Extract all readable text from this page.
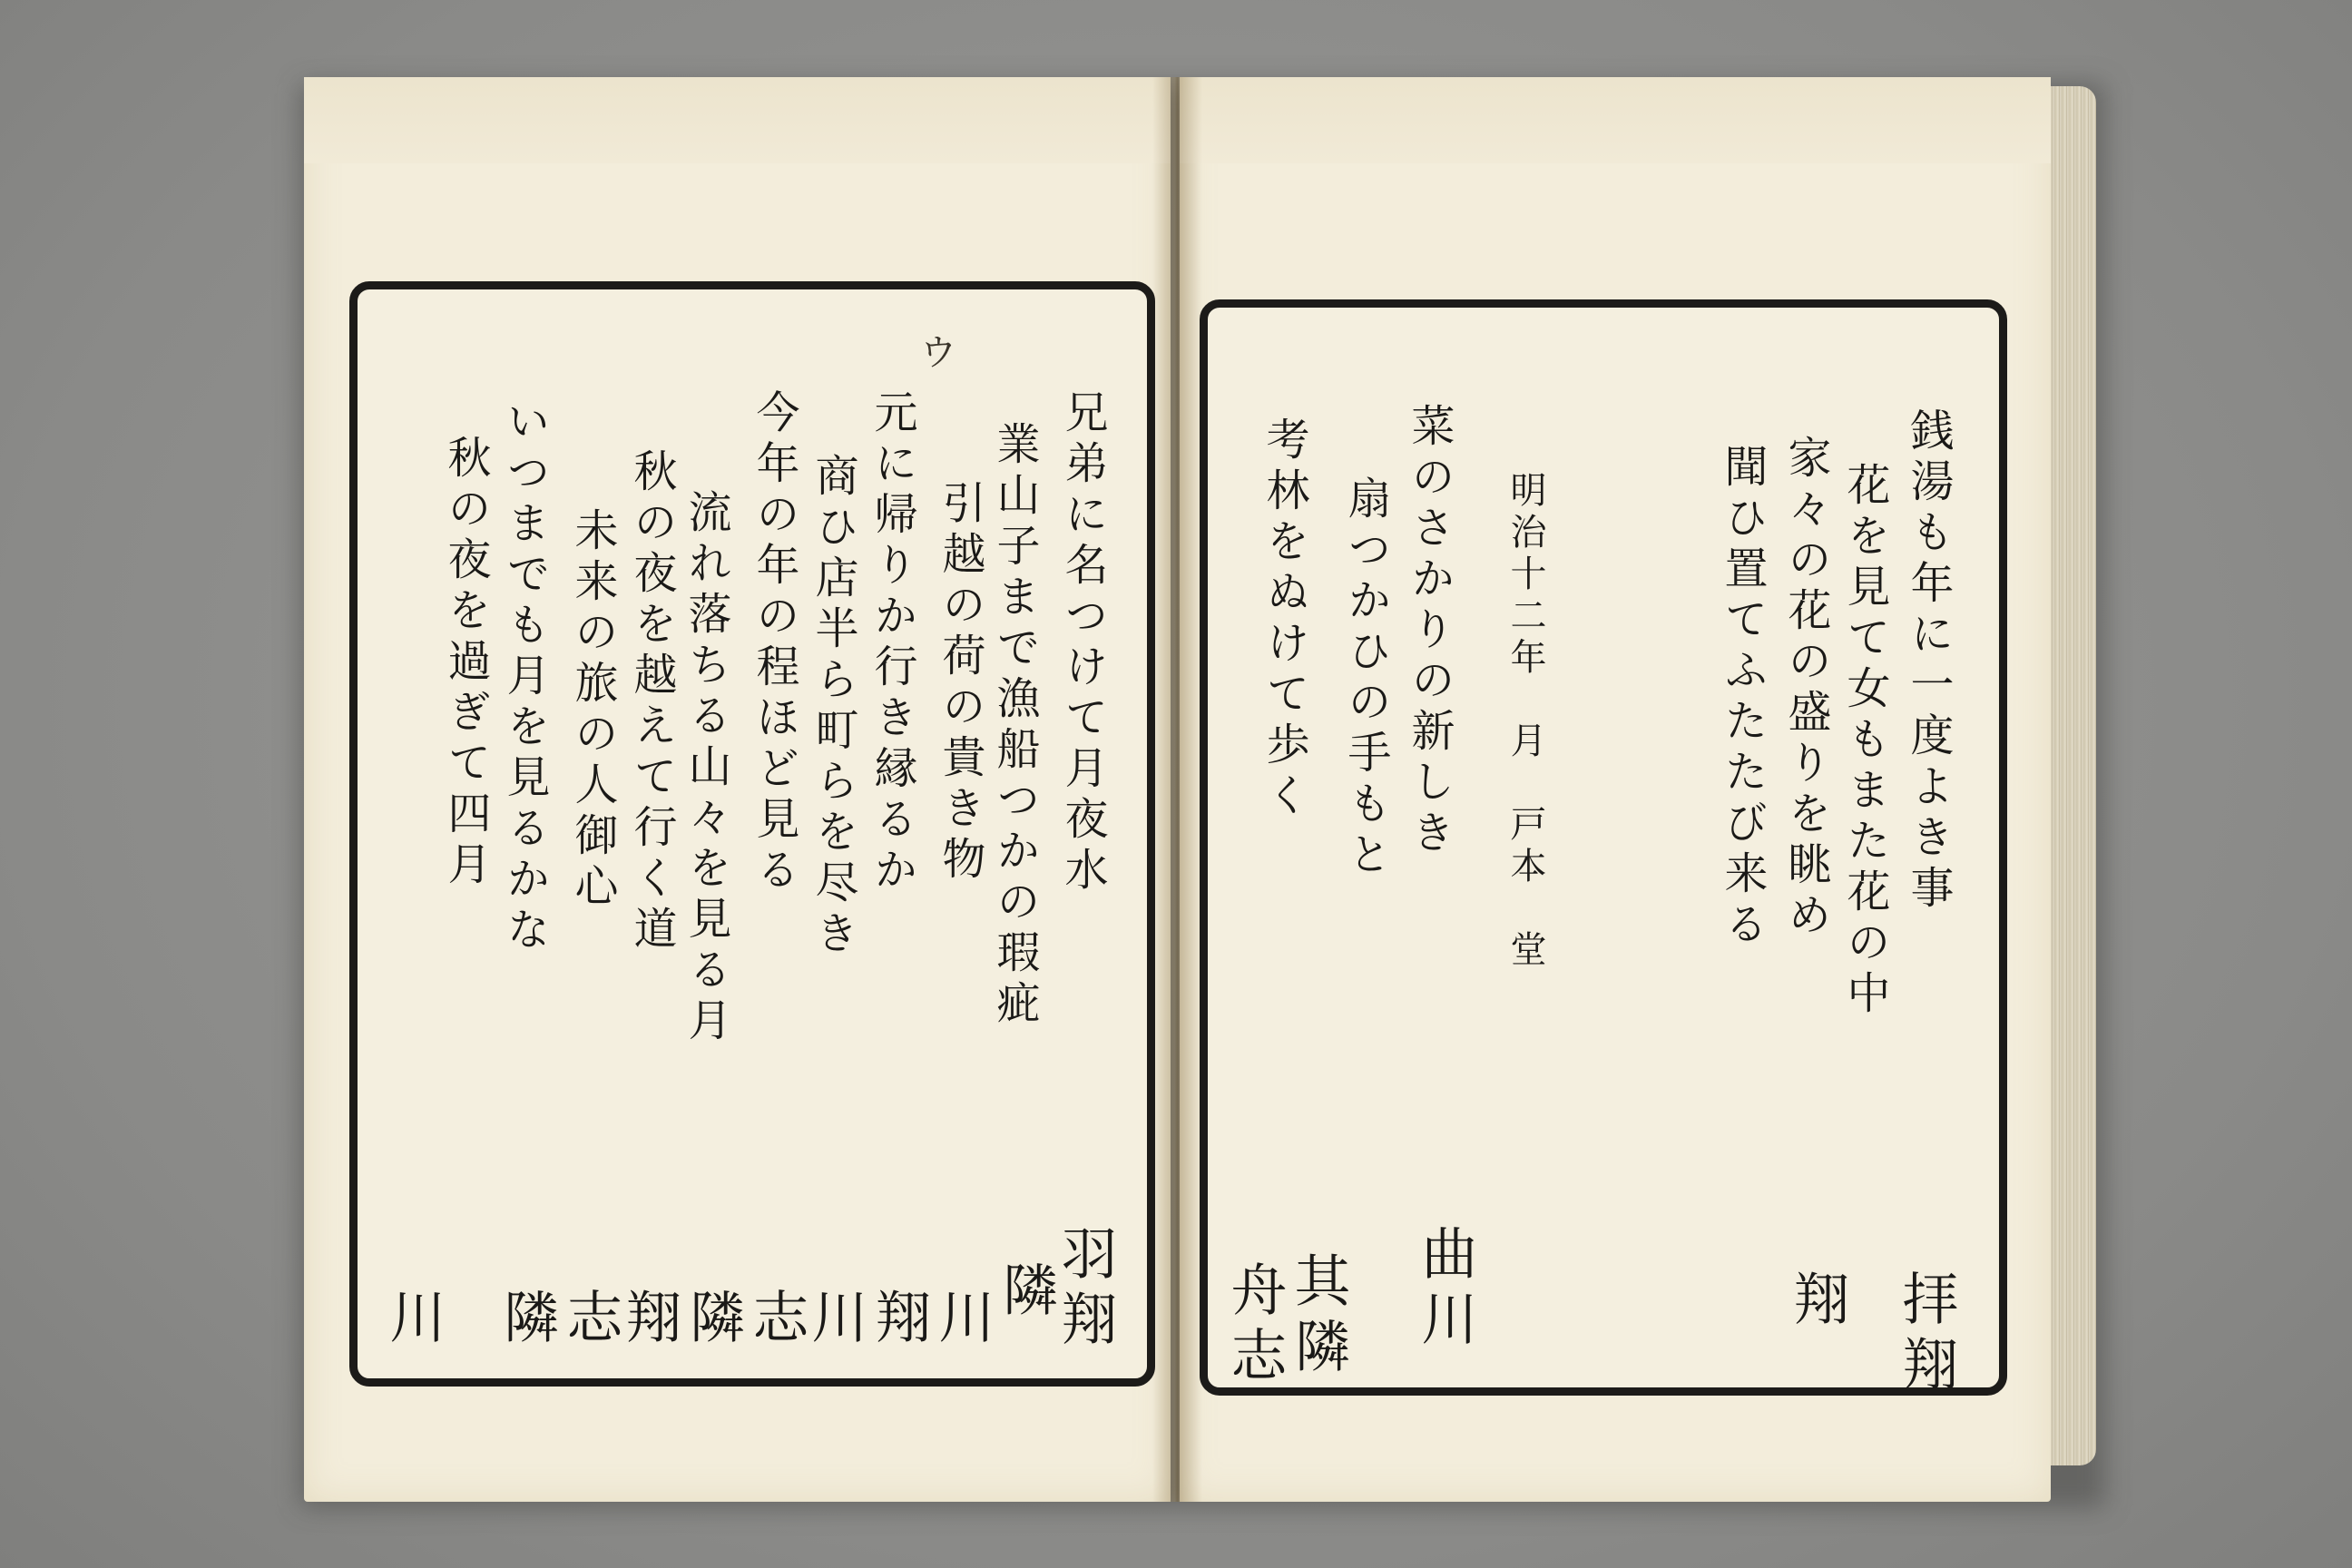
ウ
兄弟に名つけて月夜水
業山子まで漁船つかの瑕疵
引越の荷の貴き物
元に帰りか行き縁るか
商ひ店半ら町らを尽き
今年の年の程ほど見る
流れ落ちる山々を見る月
秋の夜を越えて行く道
未来の旅の人御心
いつまでも月を見るかな
秋の夜を過ぎて四月
羽翔
隣
川
翔
川
志
隣
翔
志
隣
川
銭湯も年に一度よき事
花を見て女もまた花の中
家々の花の盛りを眺め
聞ひ置てふたたび来る
明治十二年　月　戸本　堂
菜のさかりの新しき
扇つかひの手もと
考林をぬけて歩く
拝翔
翔
曲川
其隣
舟志
